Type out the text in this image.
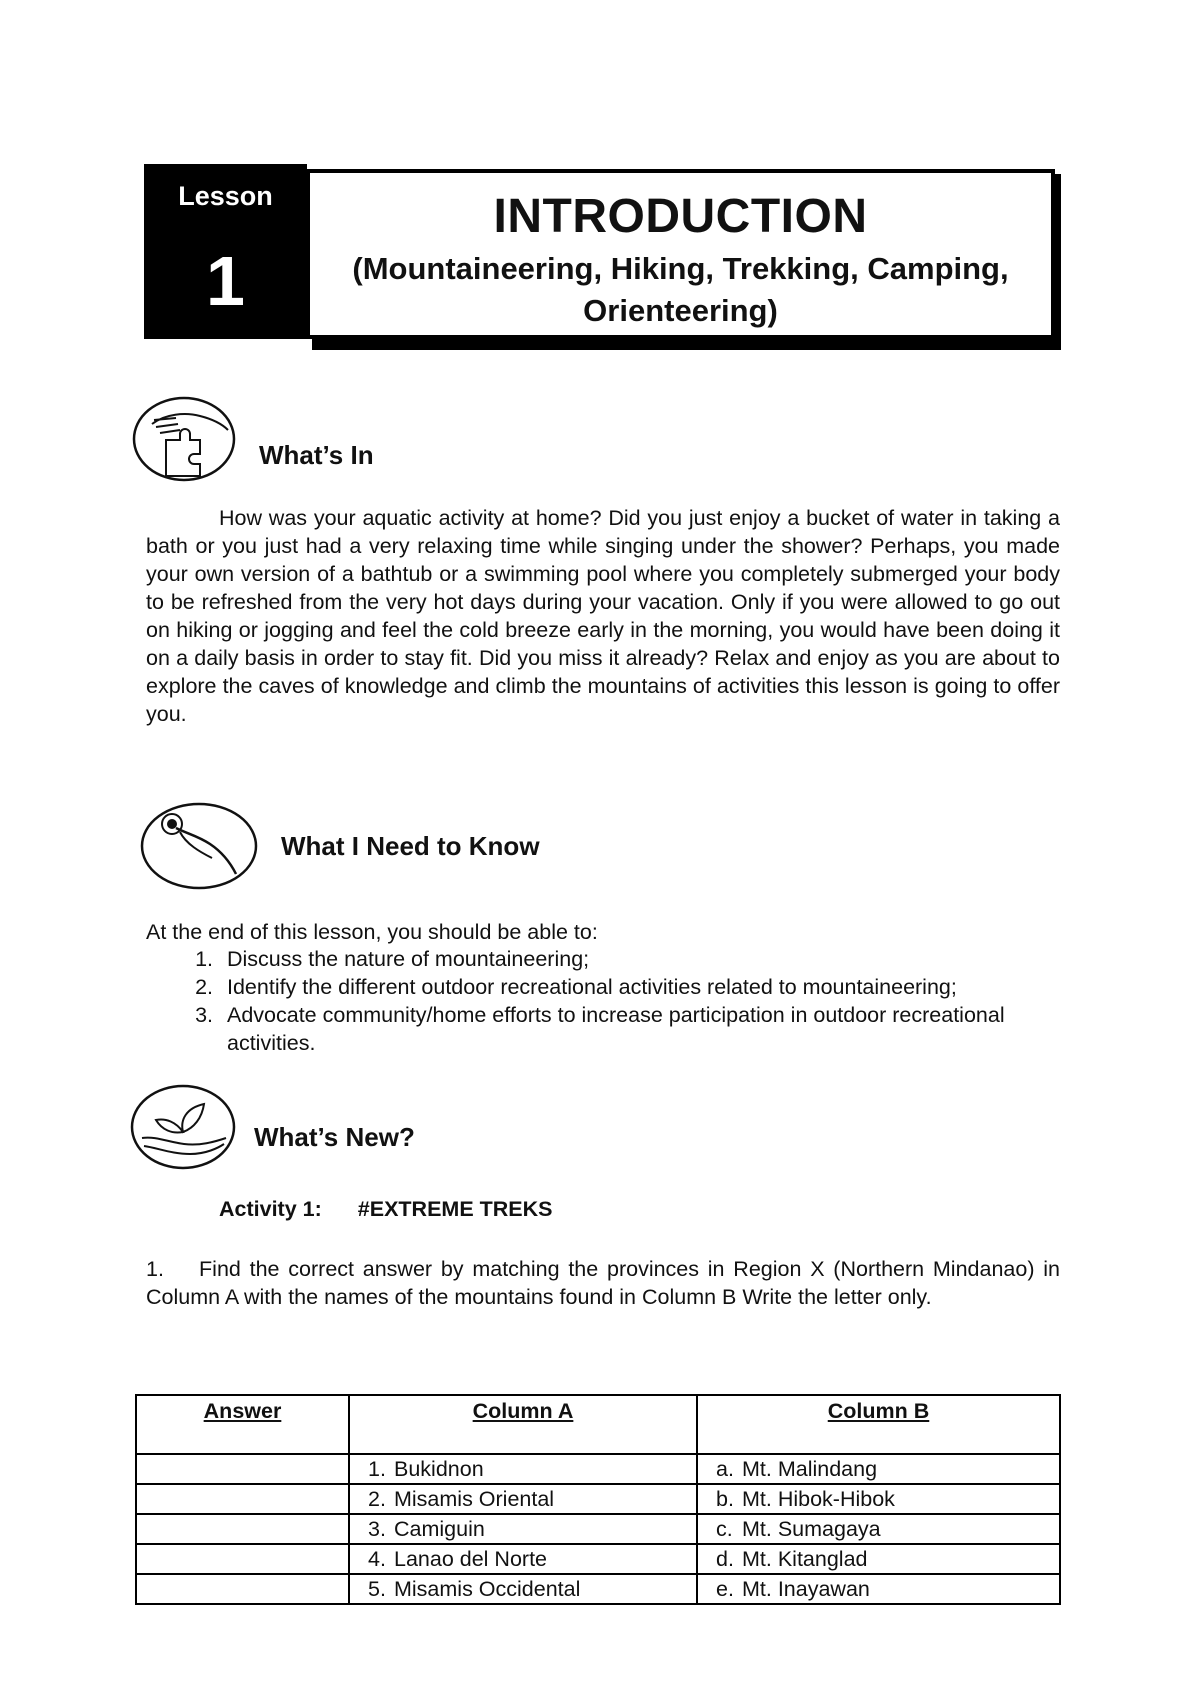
Lesson
1
INTRODUCTION
(Mountaineering, Hiking, Trekking, Camping, Orienteering)
What’s In

How was your aquatic activity at home? Did you just enjoy a bucket of water in taking a bath or you just had a very relaxing time while singing under the shower? Perhaps, you made your own version of a bathtub or a swimming pool where you completely submerged your body to be refreshed from the very hot days during your vacation. Only if you were allowed to go out on hiking or jogging and feel the cold breeze early in the morning, you would have been doing it on a daily basis in order to stay fit. Did you miss it already? Relax and enjoy as you are about to explore the caves of knowledge and climb the mountains of activities this lesson is going to offer you.

What I Need to Know

At the end of this lesson, you should be able to:

1. Discuss the nature of mountaineering;
2. Identify the different outdoor recreational activities related to mountaineering;
3. Advocate community/home efforts to increase participation in outdoor recreational activities.
What’s New?
Activity 1: #EXTREME TREKS

1. Find the correct answer by matching the provinces in Region X (Northern Mindanao) in Column A with the names of the mountains found in Column B Write the letter only.

Answer	Column A	Column B
	1. Bukidnon	a. Mt. Malindang
	2. Misamis Oriental	b. Mt. Hibok-Hibok
	3. Camiguin	c. Mt. Sumagaya
	4. Lanao del Norte	d. Mt. Kitanglad
	5. Misamis Occidental	e. Mt. Inayawan
